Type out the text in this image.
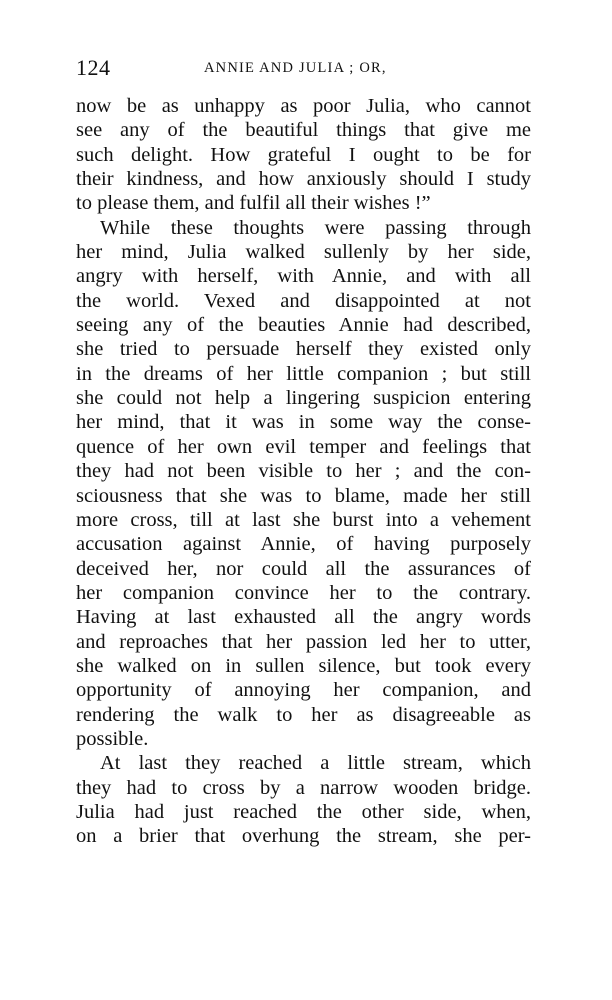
124	ANNIE AND JULIA ; OR,
now be as unhappy as poor Julia, who cannot
see any of the beautiful things that give me
such delight. How grateful I ought to be for
their kindness, and how anxiously should I study
to please them, and fulfil all their wishes !”
While these thoughts were passing through
her mind, Julia walked sullenly by her side,
angry with herself, with Annie, and with all
the world. Vexed and disappointed at not
seeing any of the beauties Annie had described,
she tried to persuade herself they existed only
in the dreams of her little companion ; but still
she could not help a lingering suspicion entering
her mind, that it was in some way the conse-
quence of her own evil temper and feelings that
they had not been visible to her ; and the con-
sciousness that she was to blame, made her still
more cross, till at last she burst into a vehement
accusation against Annie, of having purposely
deceived her, nor could all the assurances of
her companion convince her to the contrary.
Having at last exhausted all the angry words
and reproaches that her passion led her to utter,
she walked on in sullen silence, but took every
opportunity of annoying her companion, and
rendering the walk to her as disagreeable as
possible.
At last they reached a little stream, which
they had to cross by a narrow wooden bridge.
Julia had just reached the other side, when,
on a brier that overhung the stream, she per-
